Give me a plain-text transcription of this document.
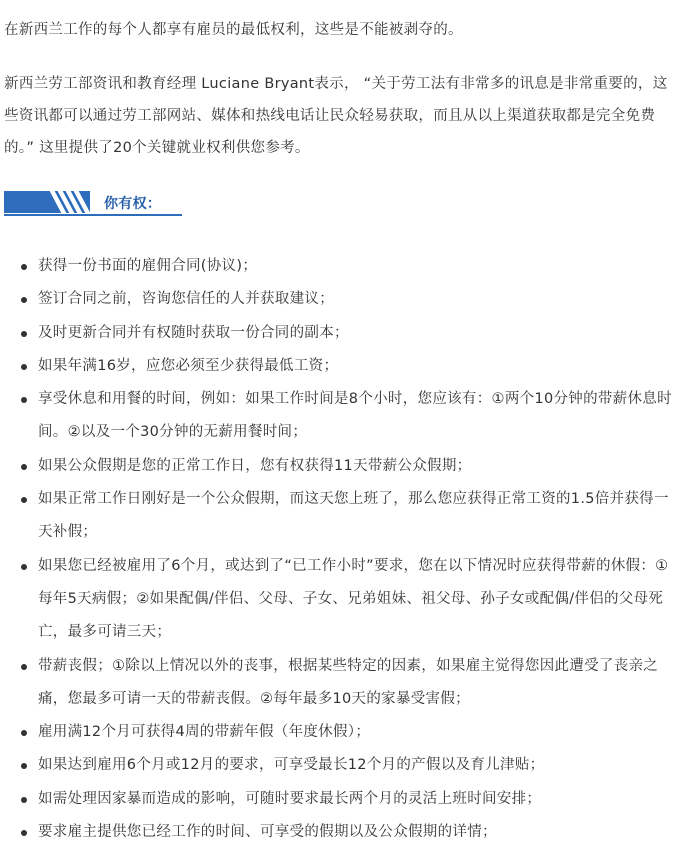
在新西兰工作的每个人都享有雇员的最低权利，这些是不能被剥夺的。

新西兰劳工部资讯和教育经理 Luciane Bryant表示， “关于劳工法有非常多的讯息是非常重要的，这些资讯都可以通过劳工部网站、媒体和热线电话让民众轻易获取，而且从以上渠道获取都是完全免费的。” 这里提供了20个关键就业权利供您参考。

你有权：
获得一份书面的雇佣合同(协议)；
签订合同之前，咨询您信任的人并获取建议；
及时更新合同并有权随时获取一份合同的副本；
如果年满16岁，应您必须至少获得最低工资；
享受休息和用餐的时间，例如：如果工作时间是8个小时，您应该有：①两个10分钟的带薪休息时间。②以及一个30分钟的无薪用餐时间；
如果公众假期是您的正常工作日，您有权获得11天带薪公众假期；
如果正常工作日刚好是一个公众假期，而这天您上班了，那么您应获得正常工资的1.5倍并获得一天补假；
如果您已经被雇用了6个月，或达到了“已工作小时”要求，您在以下情况时应获得带薪的休假：①每年5天病假；②如果配偶/伴侣、父母、子女、兄弟姐妹、祖父母、孙子女或配偶/伴侣的父母死亡，最多可请三天；
带薪丧假；①除以上情况以外的丧事，根据某些特定的因素，如果雇主觉得您因此遭受了丧亲之痛，您最多可请一天的带薪丧假。②每年最多10天的家暴受害假；
雇用满12个月可获得4周的带薪年假（年度休假）；
如果达到雇用6个月或12月的要求，可享受最长12个月的产假以及育儿津贴；
如需处理因家暴而造成的影响，可随时要求最长两个月的灵活上班时间安排；
要求雇主提供您已经工作的时间、可享受的假期以及公众假期的详情；
